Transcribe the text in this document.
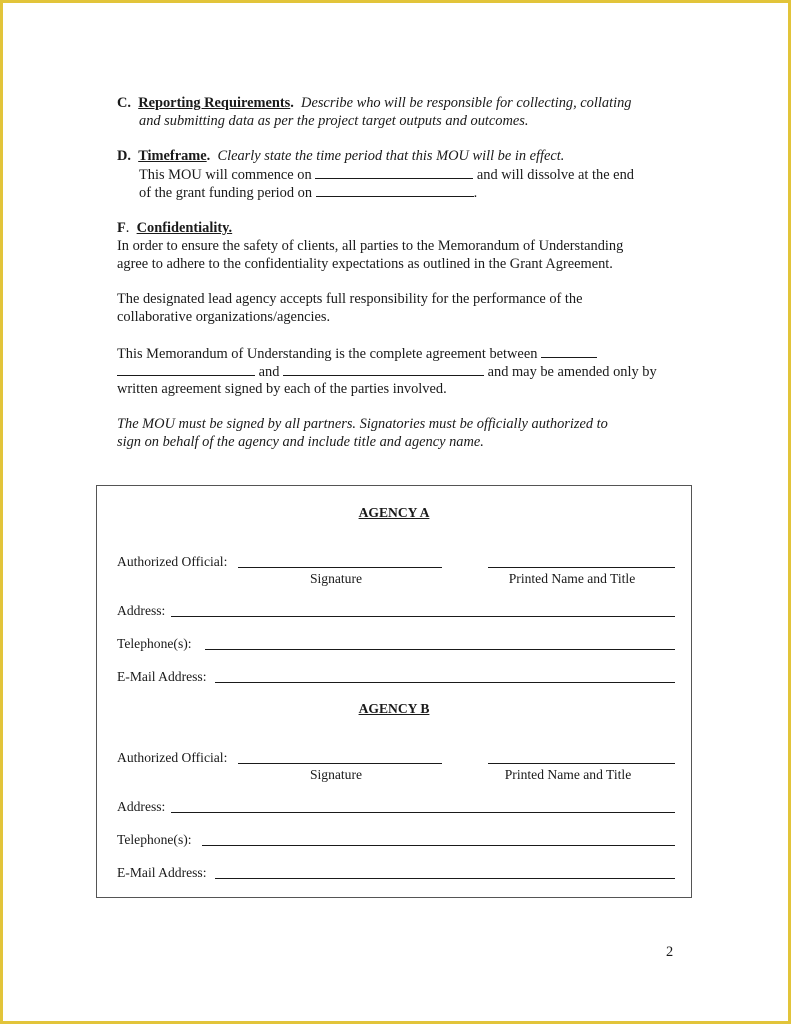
C. Reporting Requirements. Describe who will be responsible for collecting, collating
and submitting data as per the project target outputs and outcomes.
D. Timeframe. Clearly state the time period that this MOU will be in effect.
This MOU will commence on	and will dissolve at the end
of the grant funding period on	.
F. Confidentiality.
In order to ensure the safety of clients, all parties to the Memorandum of Understanding
agree to adhere to the confidentiality expectations as outlined in the Grant Agreement.
The designated lead agency accepts full responsibility for the performance of the
collaborative organizations/agencies.
This Memorandum of Understanding is the complete agreement between
and	and may be amended only by
written agreement signed by each of the parties involved.
The MOU must be signed by all partners. Signatories must be officially authorized to
sign on behalf of the agency and include title and agency name.
AGENCY A
Authorized Official:
Signature	Printed Name and Title
Address:
Telephone(s):
E-Mail Address:
AGENCY B
Authorized Official:
Signature	Printed Name and Title
Address:
Telephone(s):
E-Mail Address:
2
